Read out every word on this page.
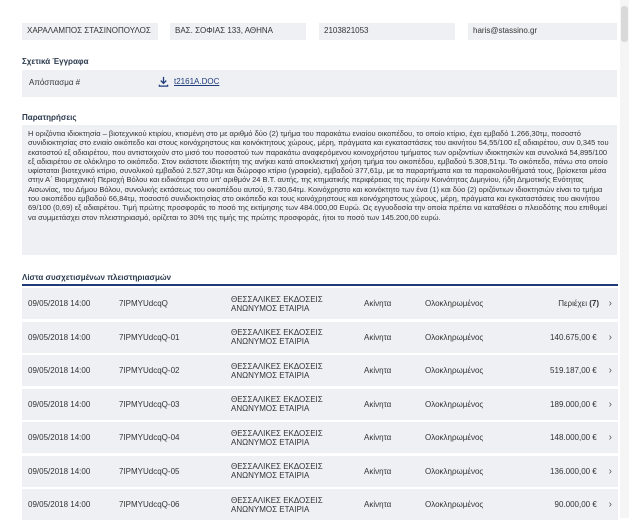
ΧΑΡΑΛΑΜΠΟΣ ΣΤΑΣΙΝΟΠΟΥΛΟΣ	ΒΑΣ. ΣΟΦΙΑΣ 133, ΑΘΗΝΑ	2103821053	haris@stassino.gr
Σχετικά Έγγραφα
Απόσπασμα #	t2161A.DOC
Παρατηρήσεις
Η οριζόντια ιδιοκτησία – βιοτεχνικού κτιρίου, κτισμένη στο με αριθμό δύο (2) τμήμα του παρακάτω ενιαίου οικοπέδου, το οποίο κτίριο, έχει εμβαδό 1.266,30τμ, ποσοστό συνιδιοκτησίας στο ενιαίο οικόπεδο και στους κοινόχρηστους και κοινόκτητους χώρους, μέρη, πράγματα και εγκαταστάσεις του ακινήτου 54,55/100 εξ αδιαιρέτου, συν 0,345 του εκατοστού εξ αδιαιρέτου, που αντιστοιχούν στο μισό του ποσοστού των παρακάτω αναφερόμενου κοινοχρήστου τμήματος των οριζοντίων ιδιοκτησιών και συνολικά 54,895/100 εξ αδιαιρέτου σε ολόκληρο το οικόπεδο. Στον εκάστοτε ιδιοκτήτη της ανήκει κατά αποκλειστική χρήση τμήμα του οικοπέδου, εμβαδού 5.308,51τμ. Το οικόπεδο, πάνω στο οποίο υφίσταται βιοτεχνικό κτίριο, συνολικού εμβαδού 2.527,30τμ και διώροφο κτίριο (γραφεία), εμβαδού 377,61μ, με τα παραρτήματα και τα παρακολουθήματά τους, βρίσκεται μέσα στην Α΄ Βιομηχανική Περιοχή Βόλου και ειδικότερα στο υπ' αριθμόν 24 Β.Τ. αυτής, της κτηματικής περιφέρειας της πρώην Κοινότητας Διμηνίου, ήδη Δημοτικής Ενότητας Αισωνίας, του Δήμου Βόλου, συνολικής εκτάσεως του οικοπέδου αυτού, 9.730,64τμ. Κοινόχρηστο και κοινόκτητο των ένα (1) και δύο (2) οριζόντιων ιδιοκτησιών είναι το τμήμα του οικοπέδου εμβαδού 66,84τμ, ποσοστό συνιδιοκτησίας στο οικόπεδο και τους κοινόχρηστους και κοινόχρηστους χώρους, μέρη, πράγματα και εγκαταστάσεις του ακινήτου 69/100 (0,69) εξ αδιαιρέτου. Τιμή πρώτης προσφοράς το ποσό της εκτίμησης των 484.000,00 Ευρώ. Ως εγγυοδοσία την οποία πρέπει να καταθέσει ο πλειοδότης που επιθυμεί να συμμετάσχει στον πλειστηριασμό, ορίζεται το 30% της τιμής της πρώτης προσφοράς, ήτοι το ποσό των 145.200,00 ευρώ.
Λίστα συσχετισμένων πλειστηριασμών
09/05/2018 14:00	7IPMYUdcqQ	ΘΕΣΣΑΛΙΚΕΣ ΕΚΔΟΣΕΙΣ
ΑΝΩΝΥΜΟΣ ΕΤΑΙΡΙΑ	Ακίνητα	Ολοκληρωμένος	Περιέχει
(7) ›
09/05/2018 14:00	7IPMYUdcqQ-01	ΘΕΣΣΑΛΙΚΕΣ ΕΚΔΟΣΕΙΣ
ΑΝΩΝΥΜΟΣ ΕΤΑΙΡΙΑ	Ακίνητα	Ολοκληρωμένος	140.675,00 €
›
09/05/2018 14:00	7IPMYUdcqQ-02	ΘΕΣΣΑΛΙΚΕΣ ΕΚΔΟΣΕΙΣ
ΑΝΩΝΥΜΟΣ ΕΤΑΙΡΙΑ	Ακίνητα	Ολοκληρωμένος	519.187,00 €
›
09/05/2018 14:00	7IPMYUdcqQ-03	ΘΕΣΣΑΛΙΚΕΣ ΕΚΔΟΣΕΙΣ
ΑΝΩΝΥΜΟΣ ΕΤΑΙΡΙΑ	Ακίνητα	Ολοκληρωμένος	189.000,00 €
›
09/05/2018 14:00	7IPMYUdcqQ-04	ΘΕΣΣΑΛΙΚΕΣ ΕΚΔΟΣΕΙΣ
ΑΝΩΝΥΜΟΣ ΕΤΑΙΡΙΑ	Ακίνητα	Ολοκληρωμένος	148.000,00 €
›
09/05/2018 14:00	7IPMYUdcqQ-05	ΘΕΣΣΑΛΙΚΕΣ ΕΚΔΟΣΕΙΣ
ΑΝΩΝΥΜΟΣ ΕΤΑΙΡΙΑ	Ακίνητα	Ολοκληρωμένος	136.000,00 €
›
09/05/2018 14:00	7IPMYUdcqQ-06	ΘΕΣΣΑΛΙΚΕΣ ΕΚΔΟΣΕΙΣ
ΑΝΩΝΥΜΟΣ ΕΤΑΙΡΙΑ	Ακίνητα	Ολοκληρωμένος	90.000,00 €
›
